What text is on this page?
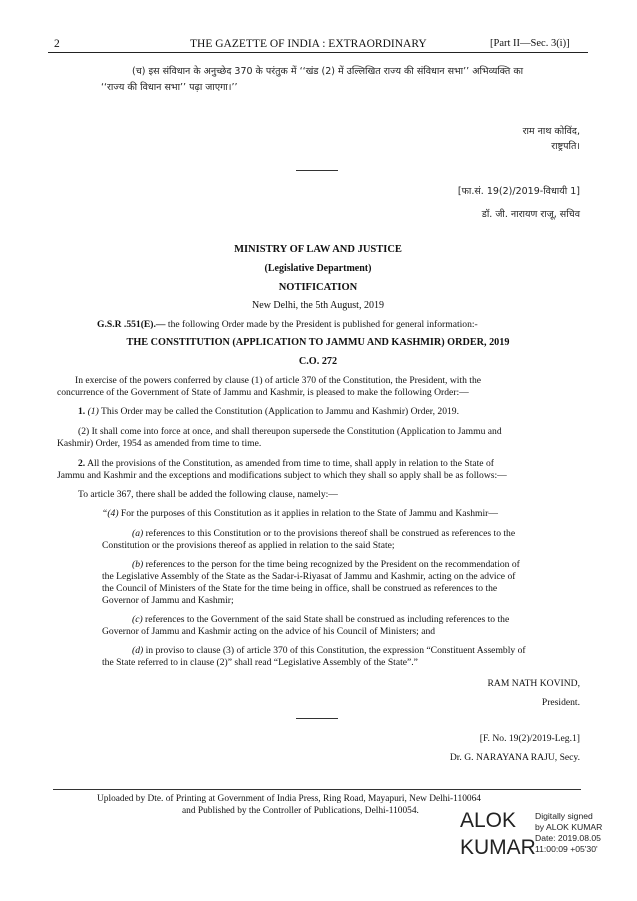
2	THE GAZETTE OF INDIA : EXTRAORDINARY	[Part II—Sec. 3(i)]
(च) इस संविधान के अनुच्छेद 370 के परंतुक में ‘‘खंड (2) में उल्लिखित राज्य की संविधान सभा’’ अभिव्यक्ति का
‘‘राज्य की विधान सभा’’ पढ़ा जाएगा।’’
राम नाथ कोविंद,
राष्ट्रपति।
[फा.सं. 19(2)/2019-विधायी 1]
डॉ. जी. नारायण राजू, सचिव
MINISTRY OF LAW AND JUSTICE
(Legislative Department)
NOTIFICATION
New Delhi, the 5th August, 2019
G.S.R .551(E).— the following Order made by the President is published for general information:-
THE CONSTITUTION (APPLICATION TO JAMMU AND KASHMIR) ORDER, 2019
C.O. 272
In exercise of the powers conferred by clause (1) of article 370 of the Constitution, the President, with the
concurrence of the Government of State of Jammu and Kashmir, is pleased to make the following Order:—
1. (1) This Order may be called the Constitution (Application to Jammu and Kashmir) Order, 2019.
(2) It shall come into force at once, and shall thereupon supersede the Constitution (Application to Jammu and
Kashmir) Order, 1954 as amended from time to time.
2. All the provisions of the Constitution, as amended from time to time, shall apply in relation to the State of
Jammu and Kashmir and the exceptions and modifications subject to which they shall so apply shall be as follows:—
To article 367, there shall be added the following clause, namely:—
“(4) For the purposes of this Constitution as it applies in relation to the State of Jammu and Kashmir—
(a) references to this Constitution or to the provisions thereof shall be construed as references to the
Constitution or the provisions thereof as applied in relation to the said State;
(b) references to the person for the time being recognized by the President on the recommendation of
the Legislative Assembly of the State as the Sadar-i-Riyasat of Jammu and Kashmir, acting on the advice of
the Council of Ministers of the State for the time being in office, shall be construed as references to the
Governor of Jammu and Kashmir;
(c) references to the Government of the said State shall be construed as including references to the
Governor of Jammu and Kashmir acting on the advice of his Council of Ministers; and
(d) in proviso to clause (3) of article 370 of this Constitution, the expression “Constituent Assembly of
the State referred to in clause (2)” shall read “Legislative Assembly of the State”.”
RAM NATH KOVIND,
President.
[F. No. 19(2)/2019-Leg.1]
Dr. G. NARAYANA RAJU, Secy.
Uploaded by Dte. of Printing at Government of India Press, Ring Road, Mayapuri, New Delhi-110064
and Published by the Controller of Publications, Delhi-110054. ALOK
KUMAR
Digitally signed
by ALOK KUMAR
Date: 2019.08.05
11:00:09 +05'30'
